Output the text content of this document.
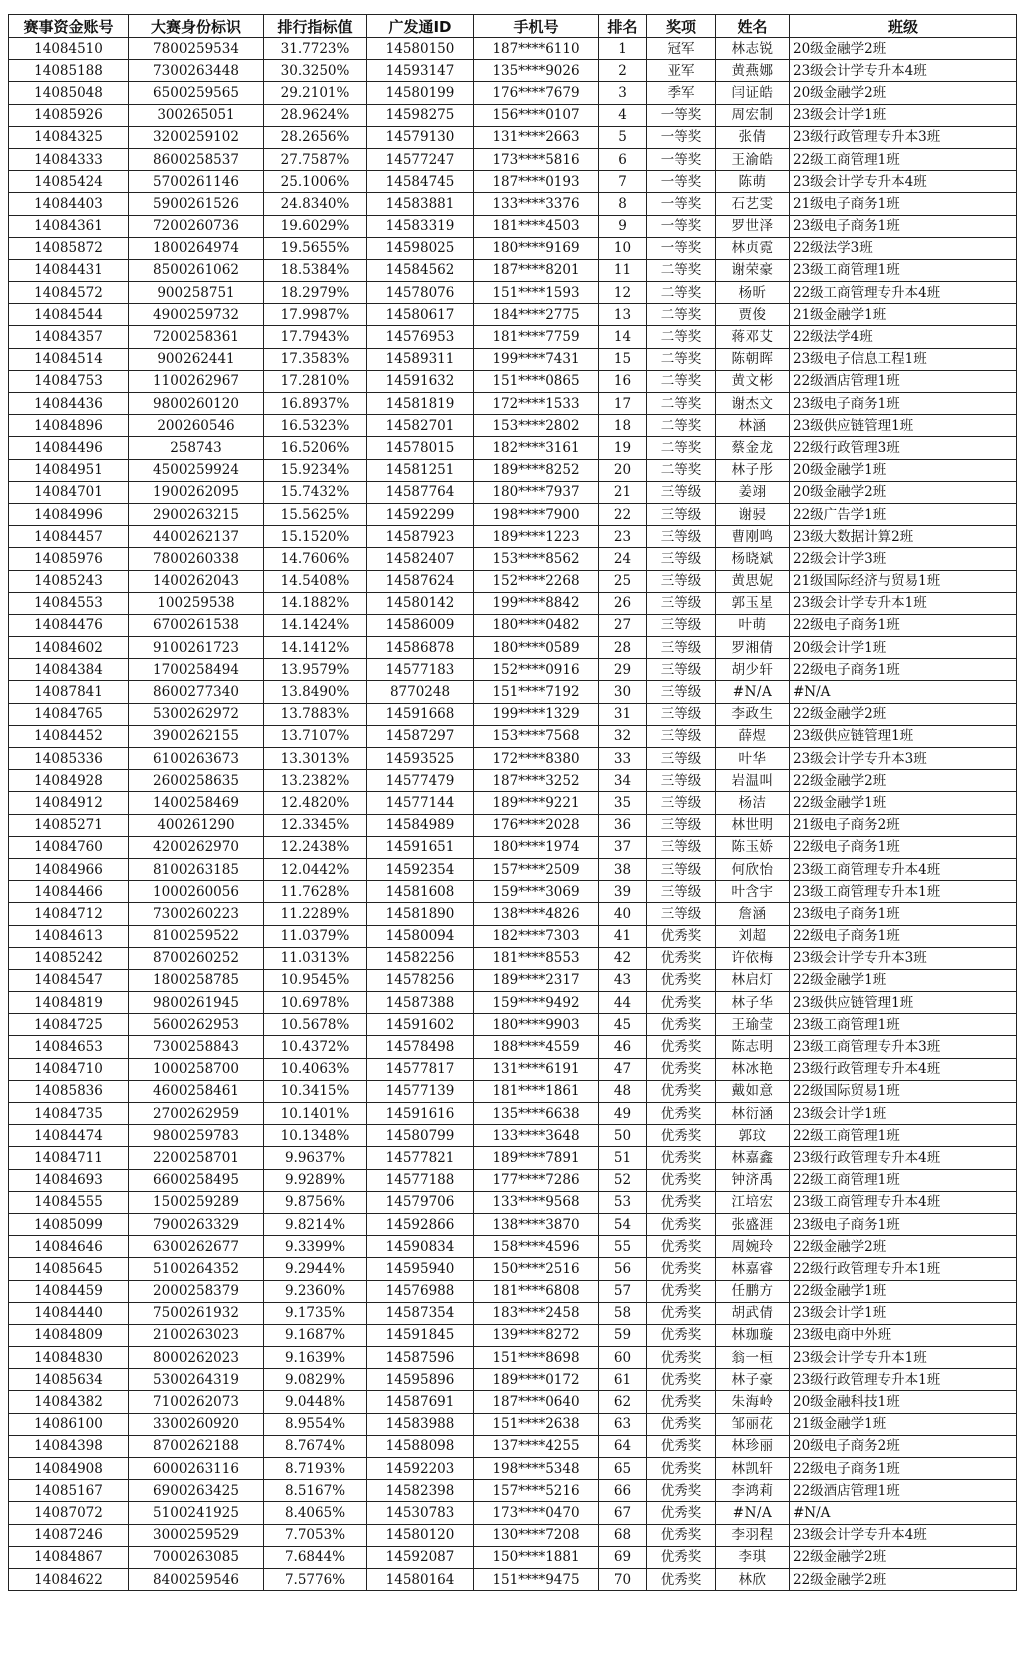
赛事资金账号	大赛身份标识	排行指标值	广发通ID	手机号	排名	奖项	姓名	班级
14084510	7800259534	31.7723%	14580150	187****6110	1	冠军	林志锐	20级金融学2班
14085188	7300263448	30.3250%	14593147	135****9026	2	亚军	黄燕娜	23级会计学专升本4班
14085048	6500259565	29.2101%	14580199	176****7679	3	季军	闫证皓	20级金融学2班
14085926	300265051	28.9624%	14598275	156****0107	4	一等奖	周宏制	23级会计学1班
14084325	3200259102	28.2656%	14579130	131****2663	5	一等奖	张倩	23级行政管理专升本3班
14084333	8600258537	27.7587%	14577247	173****5816	6	一等奖	王渝皓	22级工商管理1班
14085424	5700261146	25.1006%	14584745	187****0193	7	一等奖	陈萌	23级会计学专升本4班
14084403	5900261526	24.8340%	14583881	133****3376	8	一等奖	石艺雯	21级电子商务1班
14084361	7200260736	19.6029%	14583319	181****4503	9	一等奖	罗世泽	23级电子商务1班
14085872	1800264974	19.5655%	14598025	180****9169	10	一等奖	林贞霓	22级法学3班
14084431	8500261062	18.5384%	14584562	187****8201	11	二等奖	谢荣豪	23级工商管理1班
14084572	900258751	18.2979%	14578076	151****1593	12	二等奖	杨昕	22级工商管理专升本4班
14084544	4900259732	17.9987%	14580617	184****2775	13	二等奖	贾俊	21级金融学1班
14084357	7200258361	17.7943%	14576953	181****7759	14	二等奖	蒋邓艾	22级法学4班
14084514	900262441	17.3583%	14589311	199****7431	15	二等奖	陈朝晖	23级电子信息工程1班
14084753	1100262967	17.2810%	14591632	151****0865	16	二等奖	黄文彬	22级酒店管理1班
14084436	9800260120	16.8937%	14581819	172****1533	17	二等奖	谢杰文	23级电子商务1班
14084896	200260546	16.5323%	14582701	153****2802	18	二等奖	林涵	23级供应链管理1班
14084496	258743	16.5206%	14578015	182****3161	19	二等奖	蔡金龙	22级行政管理3班
14084951	4500259924	15.9234%	14581251	189****8252	20	二等奖	林子彤	20级金融学1班
14084701	1900262095	15.7432%	14587764	180****7937	21	三等级	姜翊	20级金融学2班
14084996	2900263215	15.5625%	14592299	198****7900	22	三等级	谢骎	22级广告学1班
14084457	4400262137	15.1520%	14587923	189****1223	23	三等级	曹刚鸣	23级大数据计算2班
14085976	7800260338	14.7606%	14582407	153****8562	24	三等级	杨晓斌	22级会计学3班
14085243	1400262043	14.5408%	14587624	152****2268	25	三等级	黄思妮	21级国际经济与贸易1班
14084553	100259538	14.1882%	14580142	199****8842	26	三等级	郭玉星	23级会计学专升本1班
14084476	6700261538	14.1424%	14586009	180****0482	27	三等级	叶萌	22级电子商务1班
14084602	9100261723	14.1412%	14586878	180****0589	28	三等级	罗湘倩	20级会计学1班
14084384	1700258494	13.9579%	14577183	152****0916	29	三等级	胡少轩	22级电子商务1班
14087841	8600277340	13.8490%	8770248	151****7192	30	三等级	#N/A	#N/A
14084765	5300262972	13.7883%	14591668	199****1329	31	三等级	李政生	22级金融学2班
14084452	3900262155	13.7107%	14587297	153****7568	32	三等级	薛煜	23级供应链管理1班
14085336	6100263673	13.3013%	14593525	172****8380	33	三等级	叶华	23级会计学专升本3班
14084928	2600258635	13.2382%	14577479	187****3252	34	三等级	岩温叫	22级金融学2班
14084912	1400258469	12.4820%	14577144	189****9221	35	三等级	杨洁	22级金融学1班
14085271	400261290	12.3345%	14584989	176****2028	36	三等级	林世明	21级电子商务2班
14084760	4200262970	12.2438%	14591651	180****1974	37	三等级	陈玉娇	22级电子商务1班
14084966	8100263185	12.0442%	14592354	157****2509	38	三等级	何欣怡	23级工商管理专升本4班
14084466	1000260056	11.7628%	14581608	159****3069	39	三等级	叶含宇	23级工商管理专升本1班
14084712	7300260223	11.2289%	14581890	138****4826	40	三等级	詹涵	23级电子商务1班
14084613	8100259522	11.0379%	14580094	182****7303	41	优秀奖	刘超	22级电子商务1班
14085242	8700260252	11.0313%	14582256	181****8553	42	优秀奖	许依梅	23级会计学专升本3班
14084547	1800258785	10.9545%	14578256	189****2317	43	优秀奖	林启灯	22级金融学1班
14084819	9800261945	10.6978%	14587388	159****9492	44	优秀奖	林子华	23级供应链管理1班
14084725	5600262953	10.5678%	14591602	180****9903	45	优秀奖	王瑜莹	23级工商管理1班
14084653	7300258843	10.4372%	14578498	188****4559	46	优秀奖	陈志明	23级工商管理专升本3班
14084710	1000258700	10.4063%	14577817	131****6191	47	优秀奖	林冰艳	23级行政管理专升本4班
14085836	4600258461	10.3415%	14577139	181****1861	48	优秀奖	戴如意	22级国际贸易1班
14084735	2700262959	10.1401%	14591616	135****6638	49	优秀奖	林衍涵	23级会计学1班
14084474	9800259783	10.1348%	14580799	133****3648	50	优秀奖	郭玟	22级工商管理1班
14084711	2200258701	9.9637%	14577821	189****7891	51	优秀奖	林嘉鑫	23级行政管理专升本4班
14084693	6600258495	9.9289%	14577188	177****7286	52	优秀奖	钟济禹	22级工商管理1班
14084555	1500259289	9.8756%	14579706	133****9568	53	优秀奖	江培宏	23级工商管理专升本4班
14085099	7900263329	9.8214%	14592866	138****3870	54	优秀奖	张盛涯	23级电子商务1班
14084646	6300262677	9.3399%	14590834	158****4596	55	优秀奖	周婉玲	22级金融学2班
14085645	5100264352	9.2944%	14595940	150****2516	56	优秀奖	林嘉睿	22级行政管理专升本1班
14084459	2000258379	9.2360%	14576988	181****6808	57	优秀奖	任鹏方	22级金融学1班
14084440	7500261932	9.1735%	14587354	183****2458	58	优秀奖	胡武倩	23级会计学1班
14084809	2100263023	9.1687%	14591845	139****8272	59	优秀奖	林珈璇	23级电商中外班
14084830	8000262023	9.1639%	14587596	151****8698	60	优秀奖	翁一桓	23级会计学专升本1班
14085634	5300264319	9.0829%	14595896	189****0172	61	优秀奖	林子豪	23级行政管理专升本1班
14084382	7100262073	9.0448%	14587691	187****0640	62	优秀奖	朱海岭	20级金融科技1班
14086100	3300260920	8.9554%	14583988	151****2638	63	优秀奖	邹丽花	21级金融学1班
14084398	8700262188	8.7674%	14588098	137****4255	64	优秀奖	林珍丽	20级电子商务2班
14084908	6000263116	8.7193%	14592203	198****5348	65	优秀奖	林凯轩	22级电子商务1班
14085167	6900263425	8.5167%	14582398	157****5216	66	优秀奖	李鸿莉	22级酒店管理1班
14087072	5100241925	8.4065%	14530783	173****0470	67	优秀奖	#N/A	#N/A
14087246	3000259529	7.7053%	14580120	130****7208	68	优秀奖	李羽程	23级会计学专升本4班
14084867	7000263085	7.6844%	14592087	150****1881	69	优秀奖	李琪	22级金融学2班
14084622	8400259546	7.5776%	14580164	151****9475	70	优秀奖	林欣	22级金融学2班
